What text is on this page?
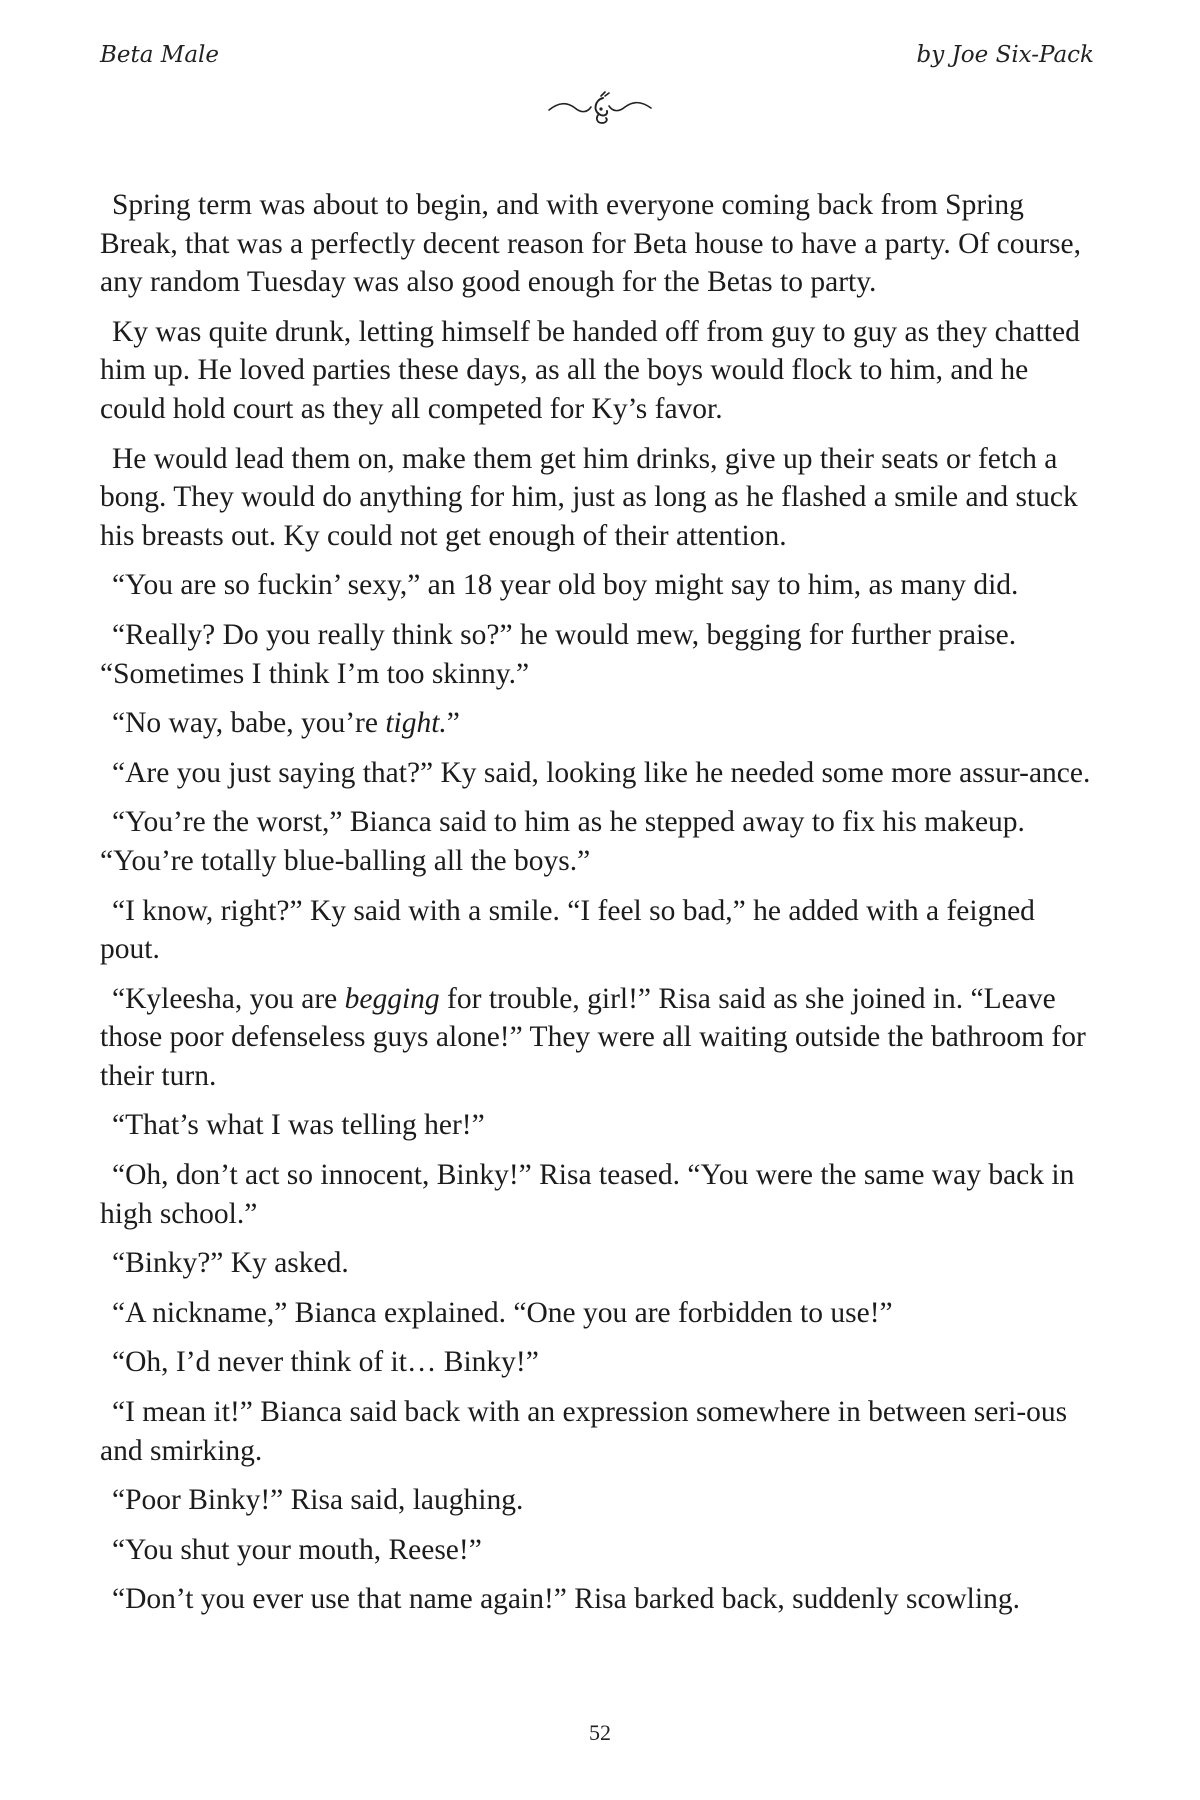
Beta Male	by Joe Six-Pack

Spring term was about to begin, and with everyone coming back from Spring Break, that was a perfectly decent reason for Beta house to have a party. Of course, any random Tuesday was also good enough for the Betas to party.

Ky was quite drunk, letting himself be handed off from guy to guy as they chatted him up. He loved parties these days, as all the boys would flock to him, and he could hold court as they all competed for Ky’s favor.

He would lead them on, make them get him drinks, give up their seats or fetch a bong. They would do anything for him, just as long as he flashed a smile and stuck his breasts out. Ky could not get enough of their attention.

“You are so fuckin’ sexy,” an 18 year old boy might say to him, as many did.

“Really? Do you really think so?” he would mew, begging for further praise. “Sometimes I think I’m too skinny.”

“No way, babe, you’re tight.”

“Are you just saying that?” Ky said, looking like he needed some more assur-ance.

“You’re the worst,” Bianca said to him as he stepped away to fix his makeup. “You’re totally blue-balling all the boys.”

“I know, right?” Ky said with a smile. “I feel so bad,” he added with a feigned pout.

“Kyleesha, you are begging for trouble, girl!” Risa said as she joined in. “Leave those poor defenseless guys alone!” They were all waiting outside the bathroom for their turn.

“That’s what I was telling her!”

“Oh, don’t act so innocent, Binky!” Risa teased. “You were the same way back in high school.”

“Binky?” Ky asked.

“A nickname,” Bianca explained. “One you are forbidden to use!”

“Oh, I’d never think of it… Binky!”

“I mean it!” Bianca said back with an expression somewhere in between seri-ous and smirking.

“Poor Binky!” Risa said, laughing.

“You shut your mouth, Reese!”

“Don’t you ever use that name again!” Risa barked back, suddenly scowling.

52
